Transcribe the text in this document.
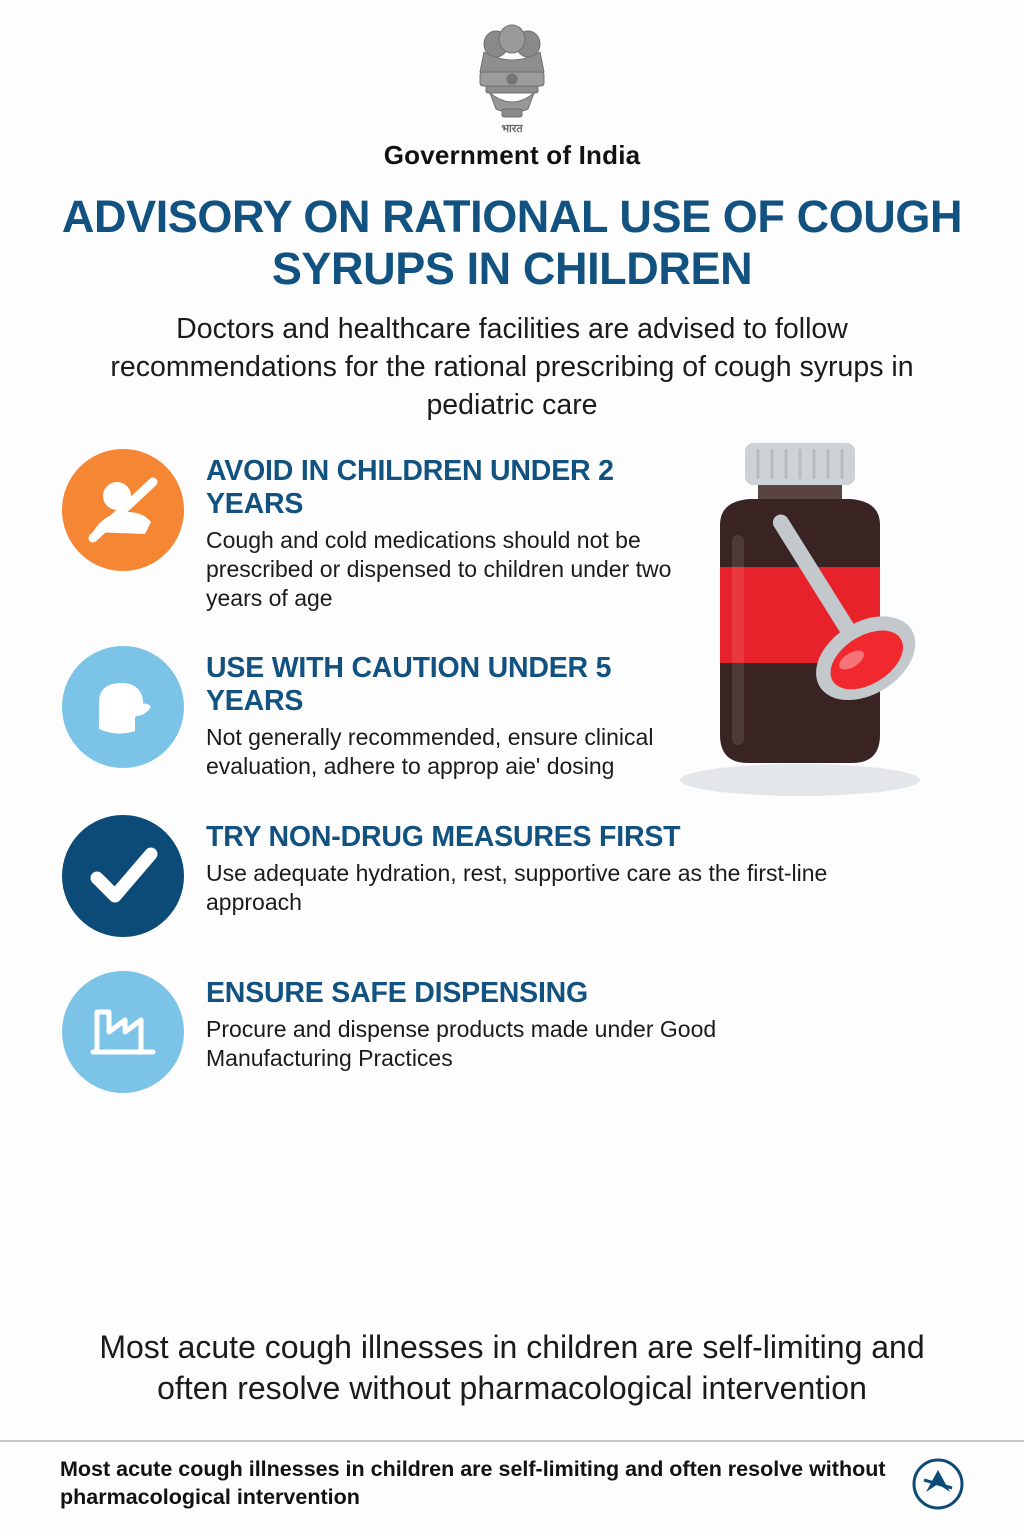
भारत
Government of India
ADVISORY ON RATIONAL USE OF COUGH SYRUPS IN CHILDREN
Doctors and healthcare facilities are advised to follow recommendations for the rational prescribing of cough syrups in pediatric care
AVOID IN CHILDREN UNDER 2 YEARS
Cough and cold medications should not be prescribed or dispensed to children under two years of age
USE WITH CAUTION UNDER 5 YEARS
Not generally recommended, ensure clinical evaluation, adhere to approp aie' dosing
TRY NON-DRUG MEASURES FIRST
Use adequate hydration, rest, supportive care as the first-line approach
ENSURE SAFE DISPENSING
Procure and dispense products made under Good Manufacturing Practices
Most acute cough illnesses in children are self-limiting and often resolve without pharmacological intervention
Most acute cough illnesses in children are self-limiting and often resolve without pharmacological intervention
